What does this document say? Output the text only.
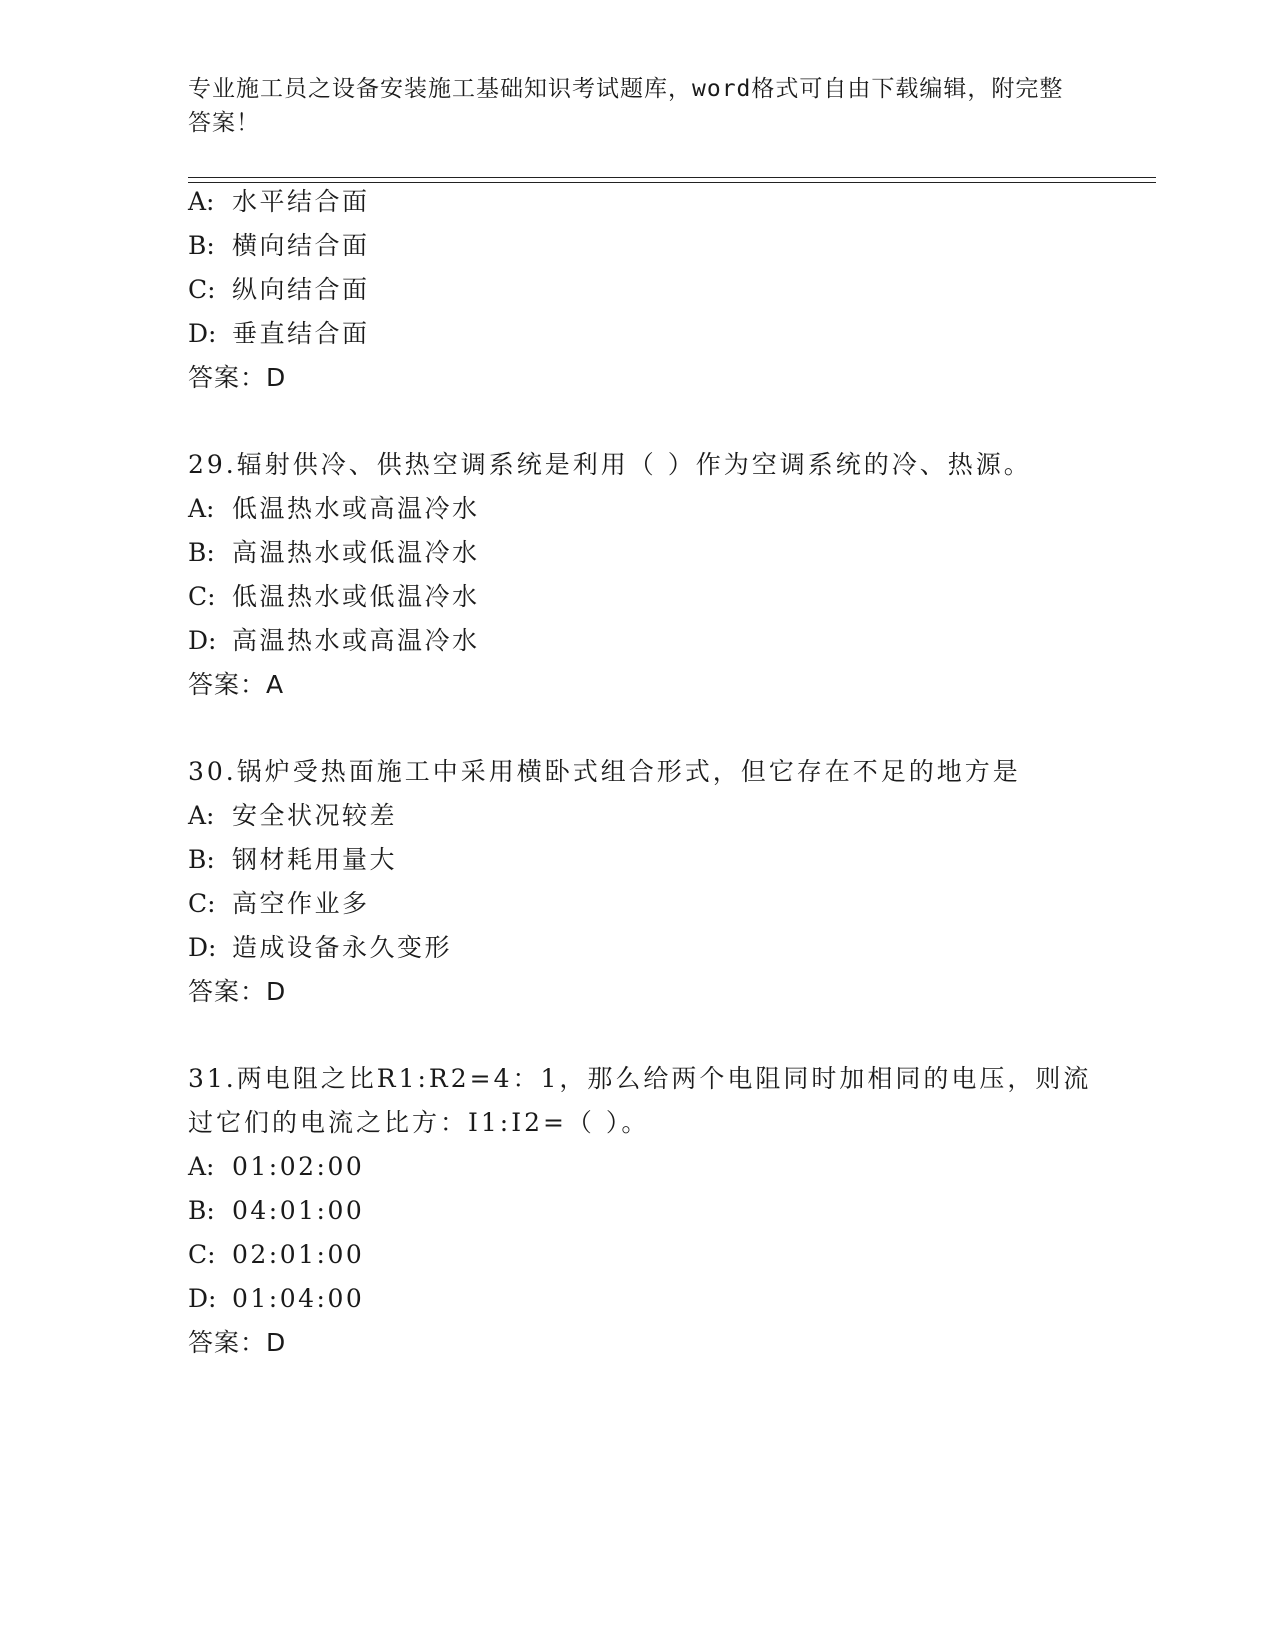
专业施工员之设备安装施工基础知识考试题库，word格式可自由下载编辑，附完整答案！
A: 水平结合面
B: 横向结合面
C: 纵向结合面
D: 垂直结合面
答案：D
29.辐射供冷、供热空调系统是利用（ ）作为空调系统的冷、热源。
A: 低温热水或高温冷水
B: 高温热水或低温冷水
C: 低温热水或低温冷水
D: 高温热水或高温冷水
答案：A
30.锅炉受热面施工中采用横卧式组合形式，但它存在不足的地方是
A: 安全状况较差
B: 钢材耗用量大
C: 高空作业多
D: 造成设备永久变形
答案：D
31.两电阻之比R1:R2=4：1，那么给两个电阻同时加相同的电压，则流
过它们的电流之比方：I1:I2=（ ）。
A: 01:02:00
B: 04:01:00
C: 02:01:00
D: 01:04:00
答案：D
